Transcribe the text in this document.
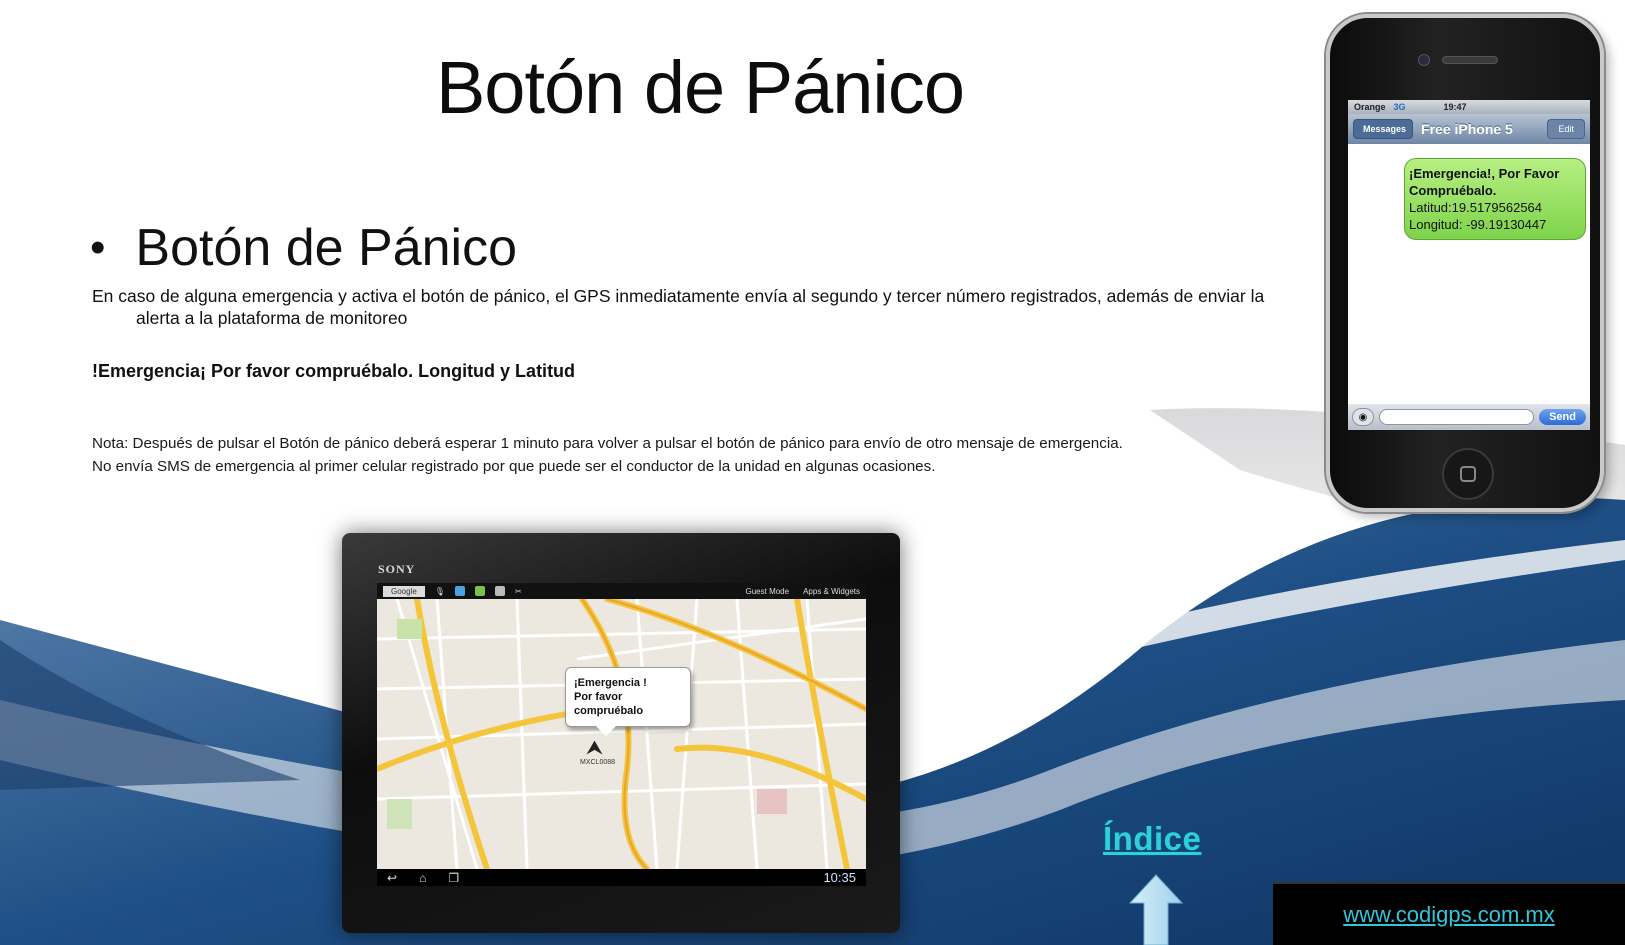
Botón de Pánico
• Botón de Pánico

En caso de alguna emergencia y activa el botón de pánico, el GPS inmediatamente envía al segundo y tercer número registrados, además de enviar la alerta a la plataforma de monitoreo

!Emergencia¡ Por favor compruébalo. Longitud y Latitud

Nota: Después de pulsar el Botón de pánico deberá esperar 1 minuto para volver a pulsar el botón de pánico para envío de otro mensaje de emergencia.
No envía SMS de emergencia al primer celular registrado por que puede ser el conductor de la unidad en algunas ocasiones.
Orange 3G	19:47
Messages	Free iPhone 5	Edit
¡Emergencia!, Por Favor Compruébalo.
Latitud:19.5179562564
Longitud: -99.19130447
◉	Send
SONY
Google	🎙	✂	Guest Mode Apps & Widgets
¡Emergencia !
Por favor
compruébalo
⮝
MXCL0088
↩ ⌂ ❐	10:35
Índice
www.codigps.com.mx
